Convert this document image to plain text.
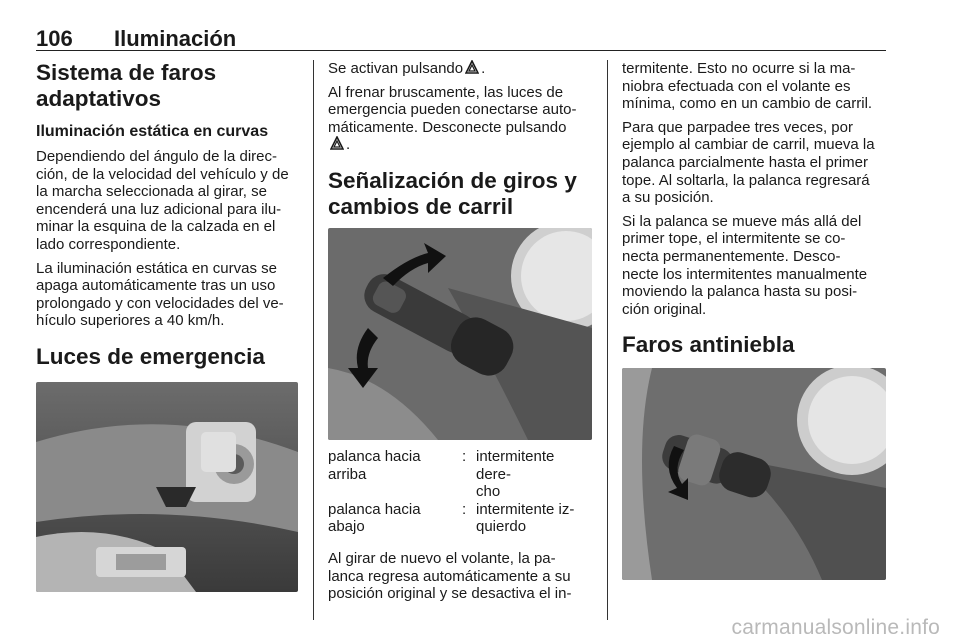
106 Iluminación
Sistema de faros
adaptativos
Iluminación estática en curvas
Dependiendo del ángulo de la direc-
ción, de la velocidad del vehículo y de
la marcha seleccionada al girar, se
encenderá una luz adicional para ilu-
minar la esquina de la calzada en el
lado correspondiente.
La iluminación estática en curvas se
apaga automáticamente tras un uso
prolongado y con velocidades del ve-
hículo superiores a 40 km/h.
Luces de emergencia
Se activan pulsando .
Al frenar bruscamente, las luces de
emergencia pueden conectarse auto-
máticamente. Desconecte pulsando
.
Señalización de giros y
cambios de carril
palanca hacia
arriba
: intermitente dere-
cho
palanca hacia
abajo
: intermitente iz-
quierdo
Al girar de nuevo el volante, la pa-
lanca regresa automáticamente a su
posición original y se desactiva el in-
termitente. Esto no ocurre si la ma-
niobra efectuada con el volante es
mínima, como en un cambio de carril.
Para que parpadee tres veces, por
ejemplo al cambiar de carril, mueva la
palanca parcialmente hasta el primer
tope. Al soltarla, la palanca regresará
a su posición.
Si la palanca se mueve más allá del
primer tope, el intermitente se co-
necta permanentemente. Desco-
necte los intermitentes manualmente
moviendo la palanca hasta su posi-
ción original.
Faros antiniebla
carmanualsonline.info
